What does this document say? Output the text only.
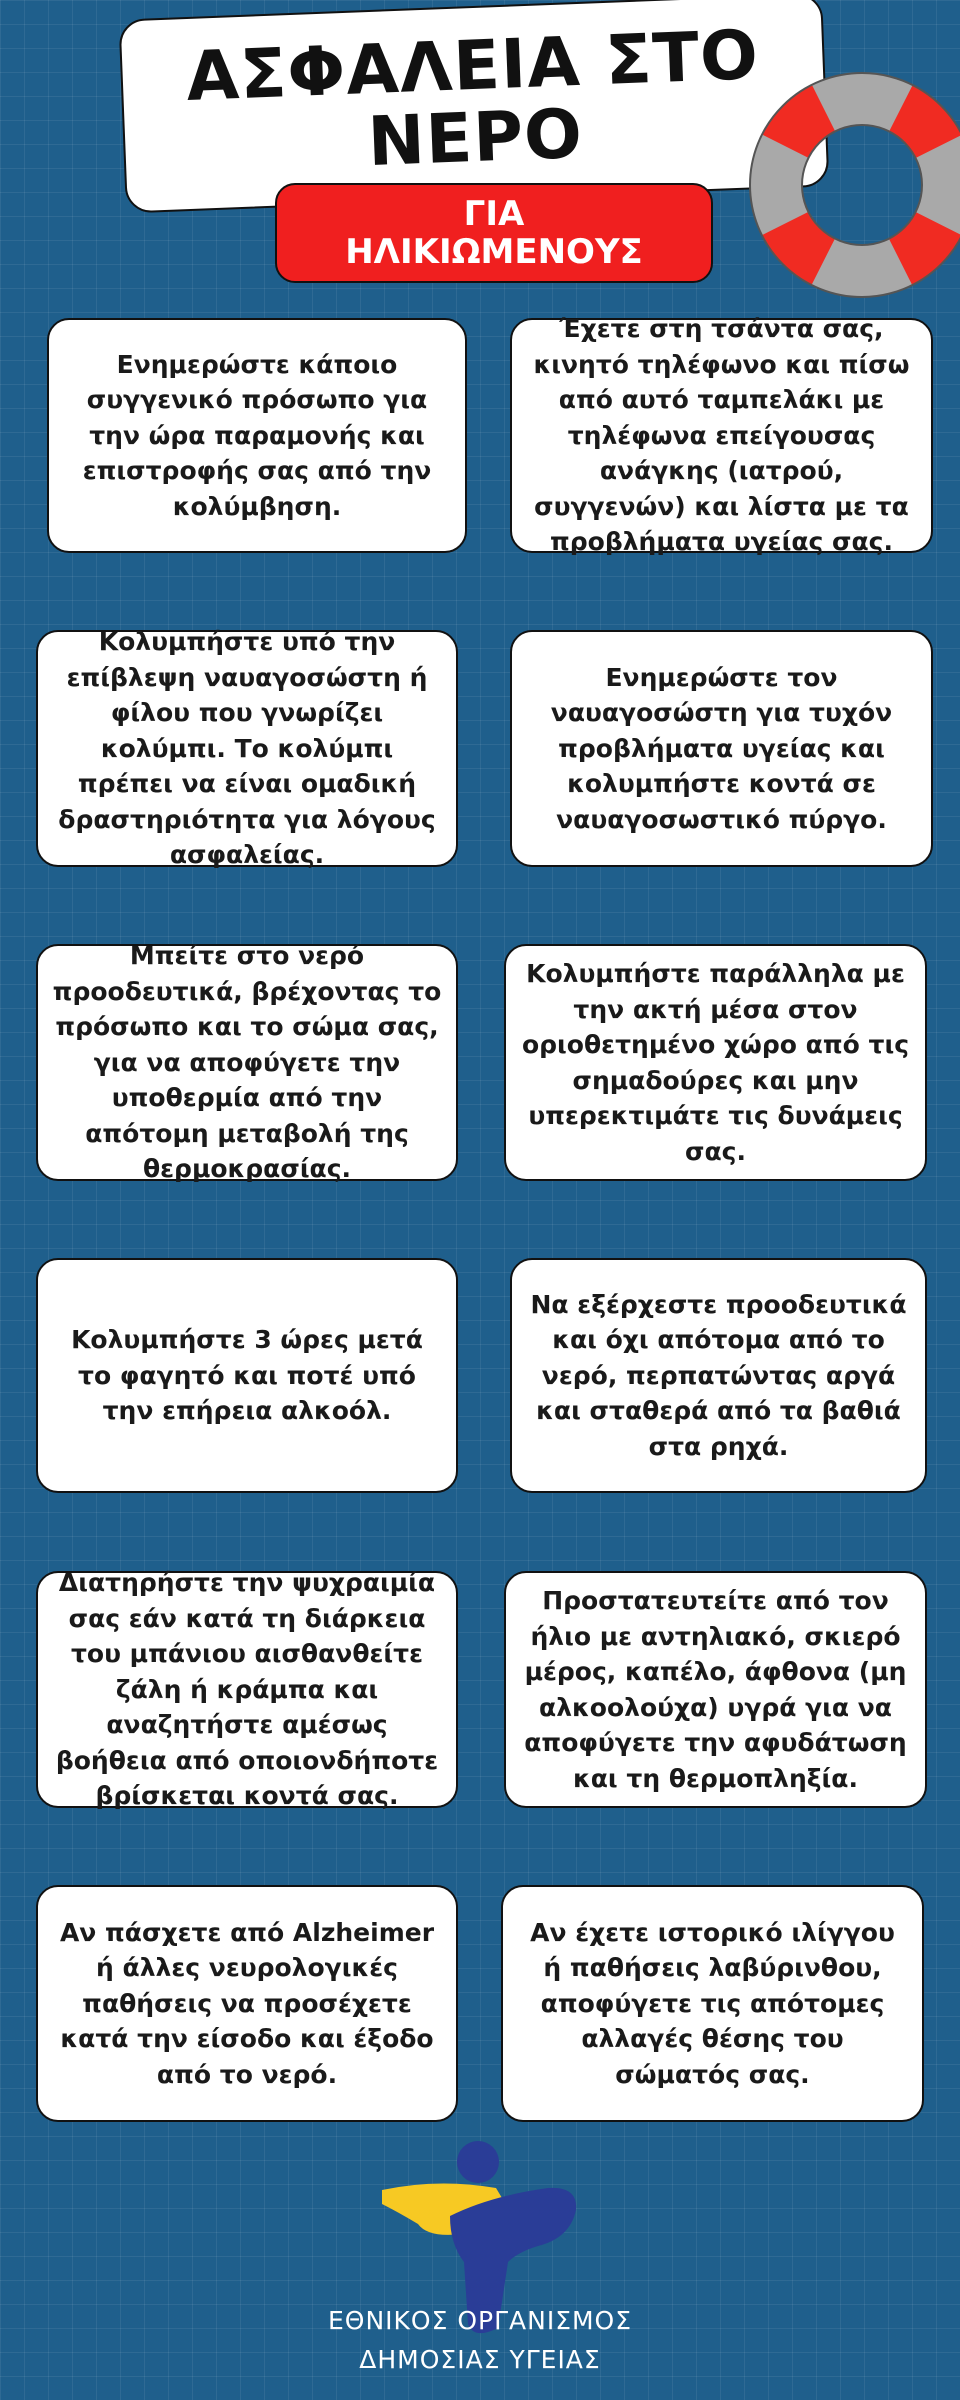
ΑΣΦΑΛΕΙΑ ΣΤΟ
ΝΕΡΟ
ΓΙΑ
ΗΛΙΚΙΩΜΕΝΟΥΣ
Ενημερώστε κάποιο συγγενικό πρόσωπο για την ώρα παραμονής και επιστροφής σας από την κολύμβηση.
Έχετε στη τσάντα σας, κινητό τηλέφωνο και πίσω από αυτό ταμπελάκι με τηλέφωνα επείγουσας ανάγκης (ιατρού, συγγενών) και λίστα με τα προβλήματα υγείας σας.
Κολυμπήστε υπό την επίβλεψη ναυαγοσώστη ή φίλου που γνωρίζει κολύμπι. Το κολύμπι πρέπει να είναι ομαδική δραστηριότητα για λόγους ασφαλείας.
Ενημερώστε τον ναυαγοσώστη για τυχόν προβλήματα υγείας και κολυμπήστε κοντά σε ναυαγοσωστικό πύργο.
Μπείτε στο νερό προοδευτικά, βρέχοντας το πρόσωπο και το σώμα σας, για να αποφύγετε την υποθερμία από την απότομη μεταβολή της θερμοκρασίας.
Κολυμπήστε παράλληλα με την ακτή μέσα στον οριοθετημένο χώρο από τις σημαδούρες και μην υπερεκτιμάτε τις δυνάμεις σας.
Κολυμπήστε 3 ώρες μετά το φαγητό και ποτέ υπό την επήρεια αλκοόλ.
Να εξέρχεστε προοδευτικά και όχι απότομα από το νερό, περπατώντας αργά και σταθερά από τα βαθιά στα ρηχά.
Διατηρήστε την ψυχραιμία σας εάν κατά τη διάρκεια του μπάνιου αισθανθείτε ζάλη ή κράμπα και αναζητήστε αμέσως βοήθεια από οποιονδήποτε βρίσκεται κοντά σας.
Προστατευτείτε από τον ήλιο με αντηλιακό, σκιερό μέρος, καπέλο, άφθονα (μη αλκοολούχα) υγρά για να αποφύγετε την αφυδάτωση και τη θερμοπληξία.
Αν πάσχετε από Alzheimer ή άλλες νευρολογικές παθήσεις να προσέχετε κατά την είσοδο και έξοδο από το νερό.
Αν έχετε ιστορικό ιλίγγου ή παθήσεις λαβύρινθου, αποφύγετε τις απότομες αλλαγές θέσης του σώματός σας.
ΕΘΝΙΚΟΣ ΟΡΓΑΝΙΣΜΟΣ
ΔΗΜΟΣΙΑΣ ΥΓΕΙΑΣ
